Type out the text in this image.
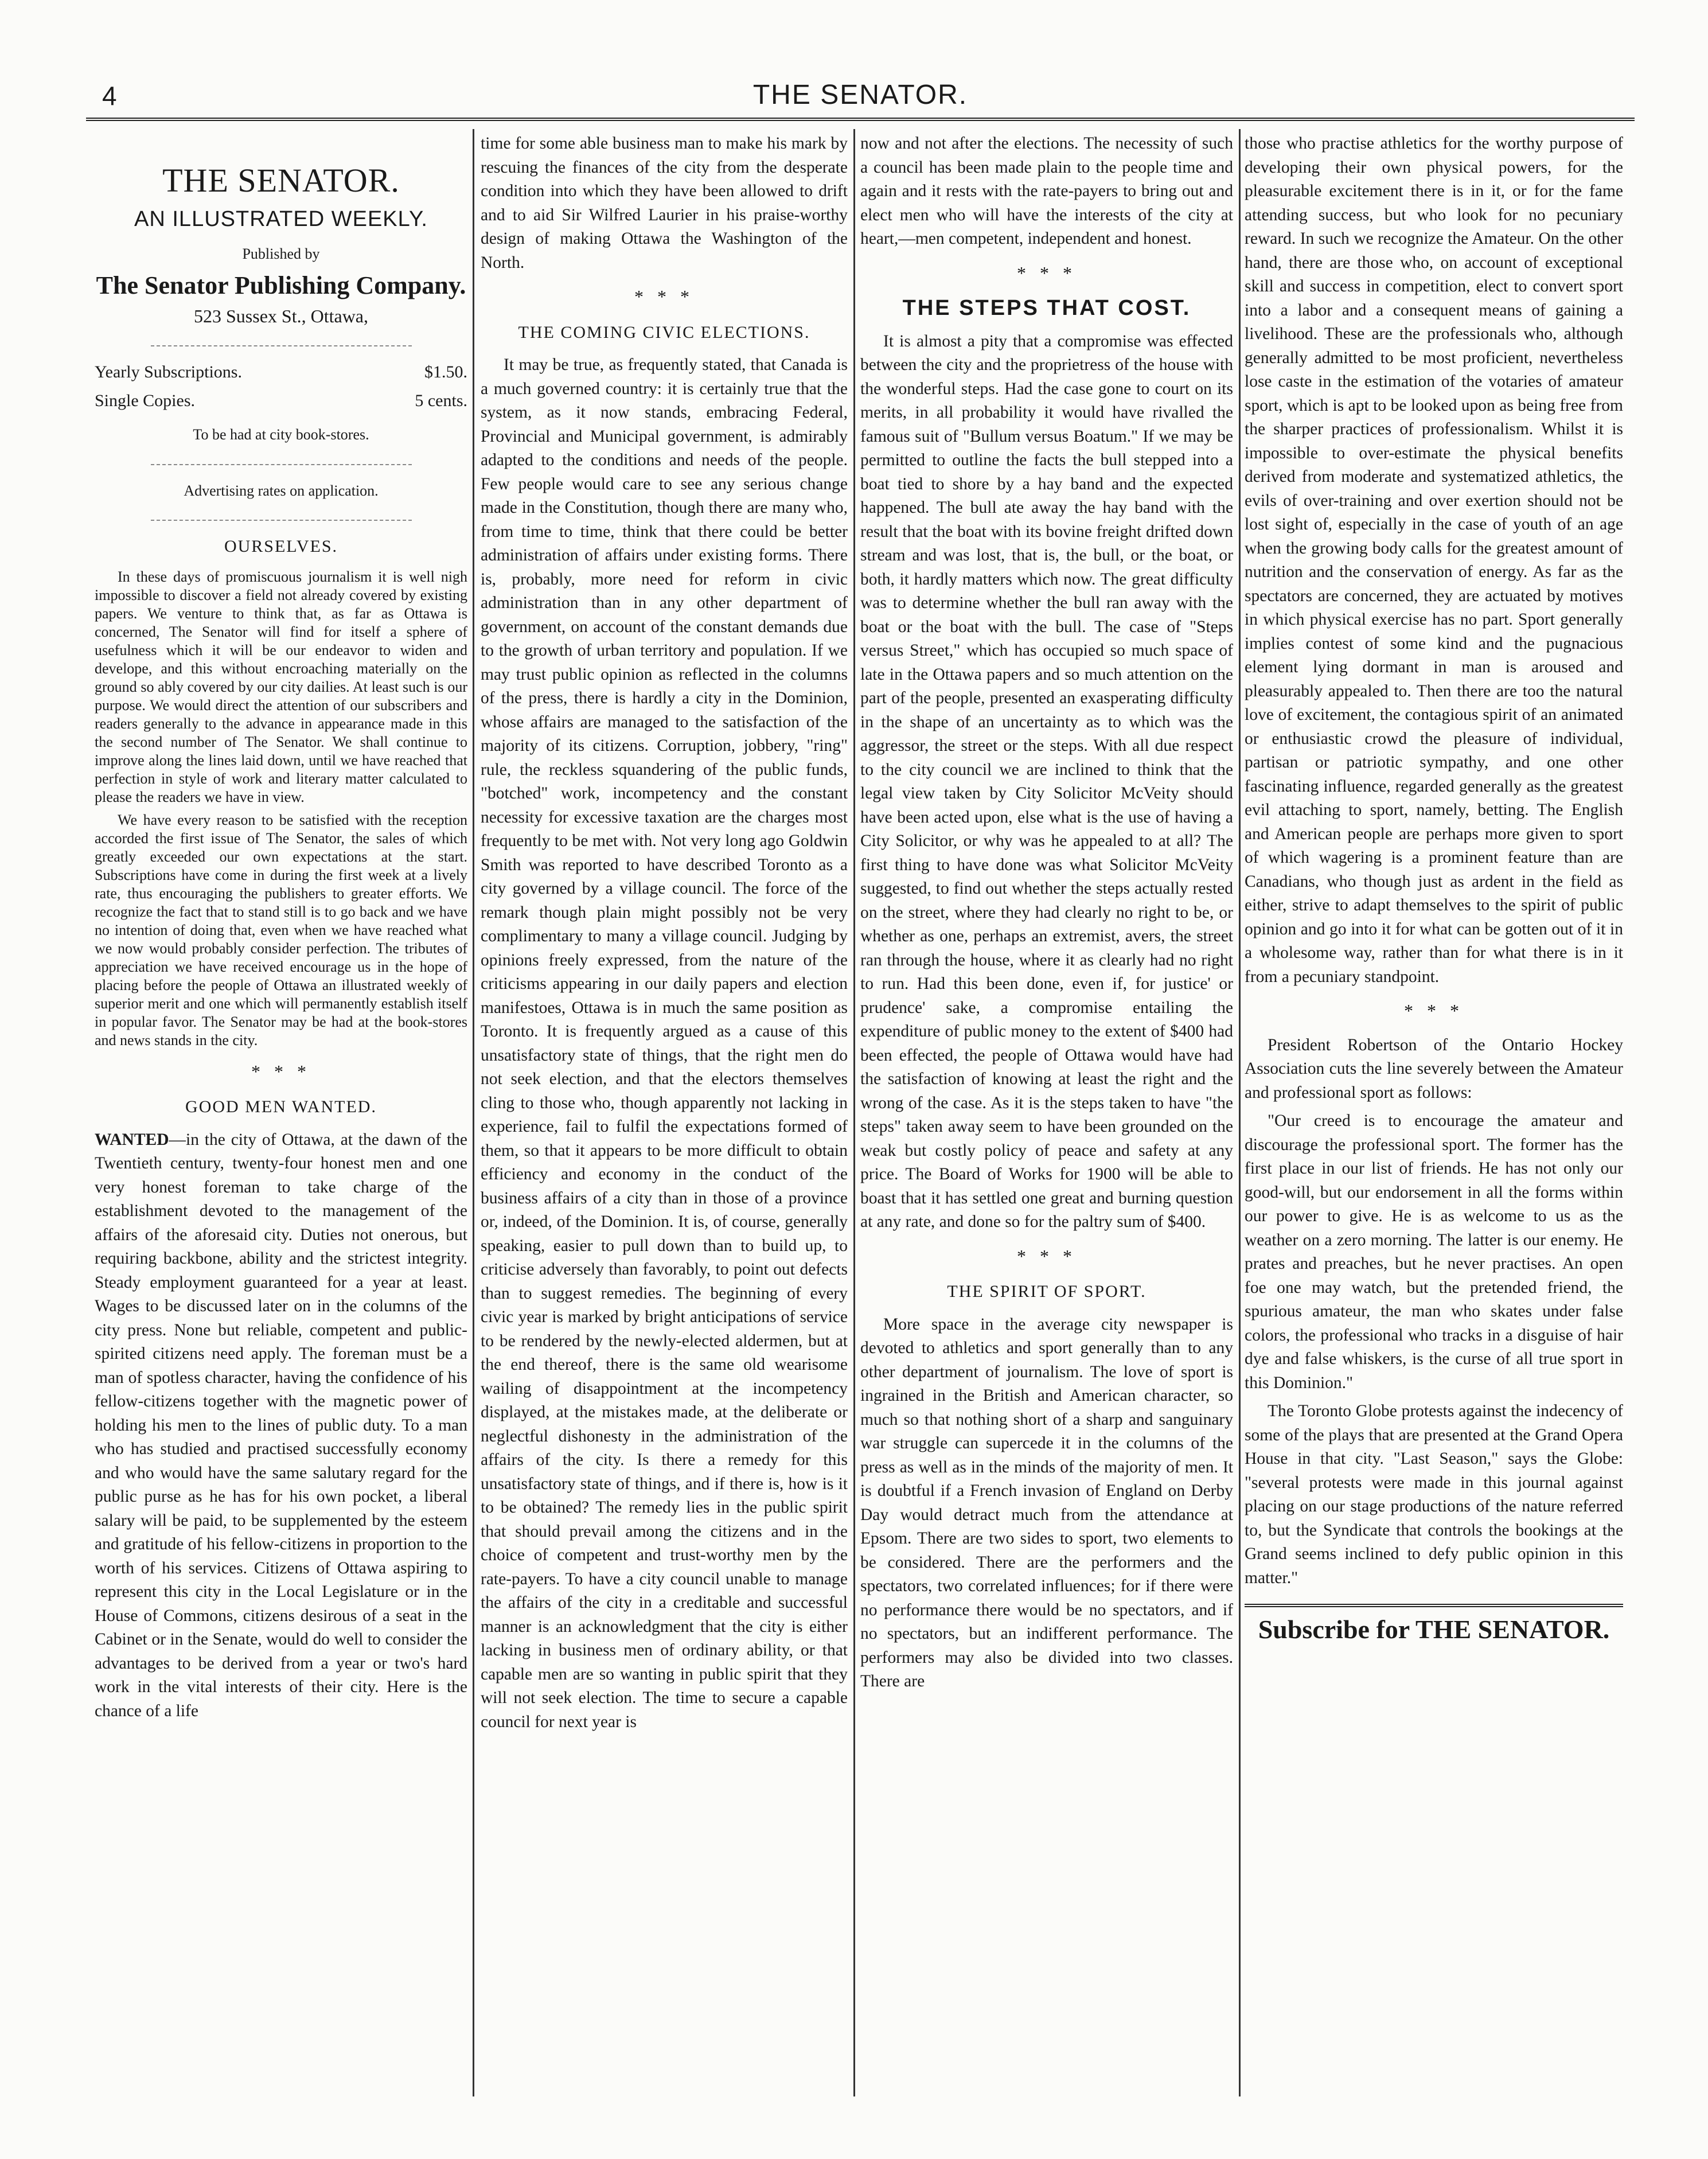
4	THE SENATOR.
THE SENATOR.
AN ILLUSTRATED WEEKLY.
Published by
The Senator Publishing Company.
523 Sussex St., Ottawa,
Yearly Subscriptions.	$1.50.
Single Copies.	5 cents.
To be had at city book-stores.
Advertising rates on application.
OURSELVES.

In these days of promiscuous journalism it is well nigh impossible to discover a field not already covered by existing papers. We venture to think that, as far as Ottawa is concerned, The Senator will find for itself a sphere of usefulness which it will be our endeavor to widen and develope, and this without encroaching materially on the ground so ably covered by our city dailies. At least such is our purpose. We would direct the attention of our subscribers and readers generally to the advance in appearance made in this the second number of The Senator. We shall continue to improve along the lines laid down, until we have reached that perfection in style of work and literary matter calculated to please the readers we have in view.

We have every reason to be satisfied with the reception accorded the first issue of The Senator, the sales of which greatly exceeded our own expectations at the start. Subscriptions have come in during the first week at a lively rate, thus encouraging the publishers to greater efforts. We recognize the fact that to stand still is to go back and we have no intention of doing that, even when we have reached what we now would probably consider perfection. The tributes of appreciation we have received encourage us in the hope of placing before the people of Ottawa an illustrated weekly of superior merit and one which will permanently establish itself in popular favor. The Senator may be had at the book-stores and news stands in the city.

* * *
GOOD MEN WANTED.

WANTED—in the city of Ottawa, at the dawn of the Twentieth century, twenty-four honest men and one very honest foreman to take charge of the establishment devoted to the management of the affairs of the aforesaid city. Duties not onerous, but requiring backbone, ability and the strictest integrity. Steady employment guaranteed for a year at least. Wages to be discussed later on in the columns of the city press. None but reliable, competent and public-spirited citizens need apply. The foreman must be a man of spotless character, having the confidence of his fellow-citizens together with the magnetic power of holding his men to the lines of public duty. To a man who has studied and practised successfully economy and who would have the same salutary regard for the public purse as he has for his own pocket, a liberal salary will be paid, to be supplemented by the esteem and gratitude of his fellow-citizens in proportion to the worth of his services. Citizens of Ottawa aspiring to represent this city in the Local Legislature or in the House of Commons, citizens desirous of a seat in the Cabinet or in the Senate, would do well to consider the advantages to be derived from a year or two's hard work in the vital interests of their city. Here is the chance of a life

time for some able business man to make his mark by rescuing the finances of the city from the desperate condition into which they have been allowed to drift and to aid Sir Wilfred Laurier in his praise-worthy design of making Ottawa the Washington of the North.

* * *
THE COMING CIVIC ELECTIONS.

It may be true, as frequently stated, that Canada is a much governed country: it is certainly true that the system, as it now stands, embracing Federal, Provincial and Municipal government, is admirably adapted to the conditions and needs of the people. Few people would care to see any serious change made in the Constitution, though there are many who, from time to time, think that there could be better administration of affairs under existing forms. There is, probably, more need for reform in civic administration than in any other department of government, on account of the constant demands due to the growth of urban territory and population. If we may trust public opinion as reflected in the columns of the press, there is hardly a city in the Dominion, whose affairs are managed to the satisfaction of the majority of its citizens. Corruption, jobbery, "ring" rule, the reckless squandering of the public funds, "botched" work, incompetency and the constant necessity for excessive taxation are the charges most frequently to be met with. Not very long ago Goldwin Smith was reported to have described Toronto as a city governed by a village council. The force of the remark though plain might possibly not be very complimentary to many a village council. Judging by opinions freely expressed, from the nature of the criticisms appearing in our daily papers and election manifestoes, Ottawa is in much the same position as Toronto. It is frequently argued as a cause of this unsatisfactory state of things, that the right men do not seek election, and that the electors themselves cling to those who, though apparently not lacking in experience, fail to fulfil the expectations formed of them, so that it appears to be more difficult to obtain efficiency and economy in the conduct of the business affairs of a city than in those of a province or, indeed, of the Dominion. It is, of course, generally speaking, easier to pull down than to build up, to criticise adversely than favorably, to point out defects than to suggest remedies. The beginning of every civic year is marked by bright anticipations of service to be rendered by the newly-elected aldermen, but at the end thereof, there is the same old wearisome wailing of disappointment at the incompetency displayed, at the mistakes made, at the deliberate or neglectful dishonesty in the administration of the affairs of the city. Is there a remedy for this unsatisfactory state of things, and if there is, how is it to be obtained? The remedy lies in the public spirit that should prevail among the citizens and in the choice of competent and trust-worthy men by the rate-payers. To have a city council unable to manage the affairs of the city in a creditable and successful manner is an acknowledgment that the city is either lacking in business men of ordinary ability, or that capable men are so wanting in public spirit that they will not seek election. The time to secure a capable council for next year is

now and not after the elections. The necessity of such a council has been made plain to the people time and again and it rests with the rate-payers to bring out and elect men who will have the interests of the city at heart,—men competent, independent and honest.

* * *
THE STEPS THAT COST.

It is almost a pity that a compromise was effected between the city and the proprietress of the house with the wonderful steps. Had the case gone to court on its merits, in all probability it would have rivalled the famous suit of "Bullum versus Boatum." If we may be permitted to outline the facts the bull stepped into a boat tied to shore by a hay band and the expected happened. The bull ate away the hay band with the result that the boat with its bovine freight drifted down stream and was lost, that is, the bull, or the boat, or both, it hardly matters which now. The great difficulty was to determine whether the bull ran away with the boat or the boat with the bull. The case of "Steps versus Street," which has occupied so much space of late in the Ottawa papers and so much attention on the part of the people, presented an exasperating difficulty in the shape of an uncertainty as to which was the aggressor, the street or the steps. With all due respect to the city council we are inclined to think that the legal view taken by City Solicitor McVeity should have been acted upon, else what is the use of having a City Solicitor, or why was he appealed to at all? The first thing to have done was what Solicitor McVeity suggested, to find out whether the steps actually rested on the street, where they had clearly no right to be, or whether as one, perhaps an extremist, avers, the street ran through the house, where it as clearly had no right to run. Had this been done, even if, for justice' or prudence' sake, a compromise entailing the expenditure of public money to the extent of $400 had been effected, the people of Ottawa would have had the satisfaction of knowing at least the right and the wrong of the case. As it is the steps taken to have "the steps" taken away seem to have been grounded on the weak but costly policy of peace and safety at any price. The Board of Works for 1900 will be able to boast that it has settled one great and burning question at any rate, and done so for the paltry sum of $400.

* * *
THE SPIRIT OF SPORT.

More space in the average city newspaper is devoted to athletics and sport generally than to any other department of journalism. The love of sport is ingrained in the British and American character, so much so that nothing short of a sharp and sanguinary war struggle can supercede it in the columns of the press as well as in the minds of the majority of men. It is doubtful if a French invasion of England on Derby Day would detract much from the attendance at Epsom. There are two sides to sport, two elements to be considered. There are the performers and the spectators, two correlated influences; for if there were no performance there would be no spectators, and if no spectators, but an indifferent performance. The performers may also be divided into two classes. There are

those who practise athletics for the worthy purpose of developing their own physical powers, for the pleasurable excitement there is in it, or for the fame attending success, but who look for no pecuniary reward. In such we recognize the Amateur. On the other hand, there are those who, on account of exceptional skill and success in competition, elect to convert sport into a labor and a consequent means of gaining a livelihood. These are the professionals who, although generally admitted to be most proficient, nevertheless lose caste in the estimation of the votaries of amateur sport, which is apt to be looked upon as being free from the sharper practices of professionalism. Whilst it is impossible to over-estimate the physical benefits derived from moderate and systematized athletics, the evils of over-training and over exertion should not be lost sight of, especially in the case of youth of an age when the growing body calls for the greatest amount of nutrition and the conservation of energy. As far as the spectators are concerned, they are actuated by motives in which physical exercise has no part. Sport generally implies contest of some kind and the pugnacious element lying dormant in man is aroused and pleasurably appealed to. Then there are too the natural love of excitement, the contagious spirit of an animated or enthusiastic crowd the pleasure of individual, partisan or patriotic sympathy, and one other fascinating influence, regarded generally as the greatest evil attaching to sport, namely, betting. The English and American people are perhaps more given to sport of which wagering is a prominent feature than are Canadians, who though just as ardent in the field as either, strive to adapt themselves to the spirit of public opinion and go into it for what can be gotten out of it in a wholesome way, rather than for what there is in it from a pecuniary standpoint.

* * *

President Robertson of the Ontario Hockey Association cuts the line severely between the Amateur and professional sport as follows:

"Our creed is to encourage the amateur and discourage the professional sport. The former has the first place in our list of friends. He has not only our good-will, but our endorsement in all the forms within our power to give. He is as welcome to us as the weather on a zero morning. The latter is our enemy. He prates and preaches, but he never practises. An open foe one may watch, but the pretended friend, the spurious amateur, the man who skates under false colors, the professional who tracks in a disguise of hair dye and false whiskers, is the curse of all true sport in this Dominion."

The Toronto Globe protests against the indecency of some of the plays that are presented at the Grand Opera House in that city. "Last Season," says the Globe: "several protests were made in this journal against placing on our stage productions of the nature referred to, but the Syndicate that controls the bookings at the Grand seems inclined to defy public opinion in this matter."

Subscribe for THE SENATOR.
